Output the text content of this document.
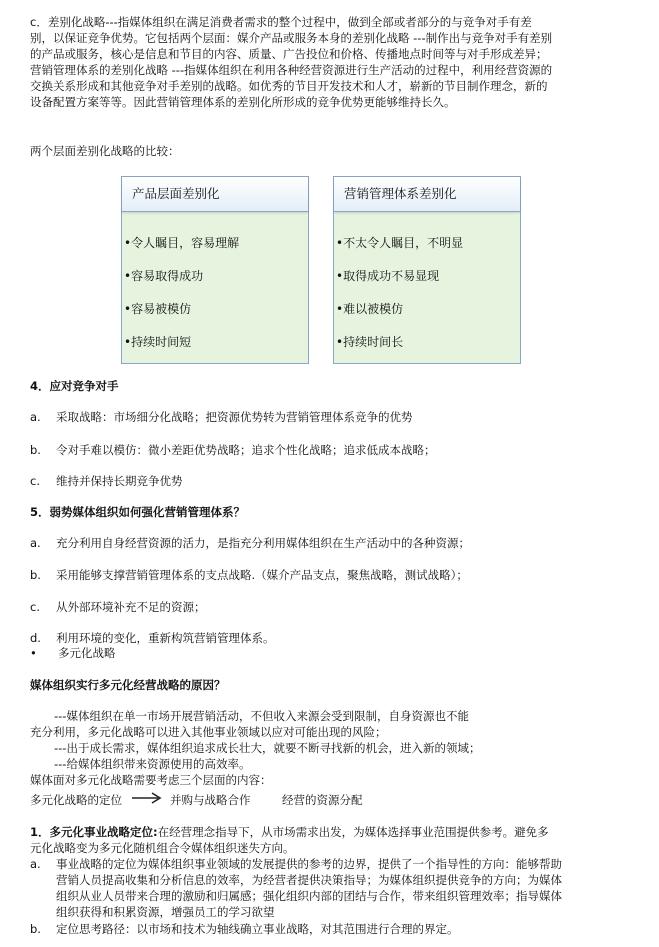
c．差别化战略---指媒体组织在满足消费者需求的整个过程中，做到全部或者部分的与竞争对手有差
别，以保证竞争优势。它包括两个层面：媒介产品或服务本身的差别化战略 ---制作出与竞争对手有差别
的产品或服务，核心是信息和节目的内容、质量、广告投位和价格、传播地点时间等与对手形成差异；
营销管理体系的差别化战略 ---指媒体组织在利用各种经营资源进行生产活动的过程中，利用经营资源的
交换关系形成和其他竞争对手差别的战略。如优秀的节目开发技术和人才，崭新的节目制作理念，新的
设备配置方案等等。因此营销管理体系的差别化所形成的竞争优势更能够维持长久。
两个层面差别化战略的比较：
产品层面差别化
•令人瞩目，容易理解
•容易取得成功
•容易被模仿
•持续时间短
营销管理体系差别化
•不太令人瞩目，不明显
•取得成功不易显现
•难以被模仿
•持续时间长
4．应对竞争对手
a. 采取战略：市场细分化战略；把资源优势转为营销管理体系竞争的优势
b. 令对手难以模仿：微小差距优势战略；追求个性化战略；追求低成本战略；
c. 维持并保持长期竞争优势
5．弱势媒体组织如何强化营销管理体系？
a. 充分利用自身经营资源的活力，是指充分利用媒体组织在生产活动中的各种资源；
b. 采用能够支撑营销管理体系的支点战略.（媒介产品支点，聚焦战略，测试战略）；
c. 从外部环境补充不足的资源；
d. 利用环境的变化，重新构筑营销管理体系。
• 多元化战略
媒体组织实行多元化经营战略的原因？
---媒体组织在单一市场开展营销活动，不但收入来源会受到限制，自身资源也不能
充分利用，多元化战略可以进入其他事业领域以应对可能出现的风险；
---出于成长需求，媒体组织追求成长壮大，就要不断寻找新的机会，进入新的领域；
---给媒体组织带来资源使用的高效率。
媒体面对多元化战略需要考虑三个层面的内容：
多元化战略的定位	并购与战略合作	经营的资源分配
1．多元化事业战略定位:在经营理念指导下，从市场需求出发，为媒体选择事业范围提供参考。避免多
元化战略变为多元化随机组合令媒体组织迷失方向。
a. 事业战略的定位为媒体组织事业领域的发展提供的参考的边界，提供了一个指导性的方向：能够帮助
营销人员提高收集和分析信息的效率，为经营者提供决策指导；为媒体组织提供竞争的方向；为媒体
组织从业人员带来合理的激励和归属感；强化组织内部的团结与合作，带来组织管理效率；指导媒体
组织获得和积累资源，增强员工的学习欲望
b. 定位思考路径：以市场和技术为轴线确立事业战略，对其范围进行合理的界定。
